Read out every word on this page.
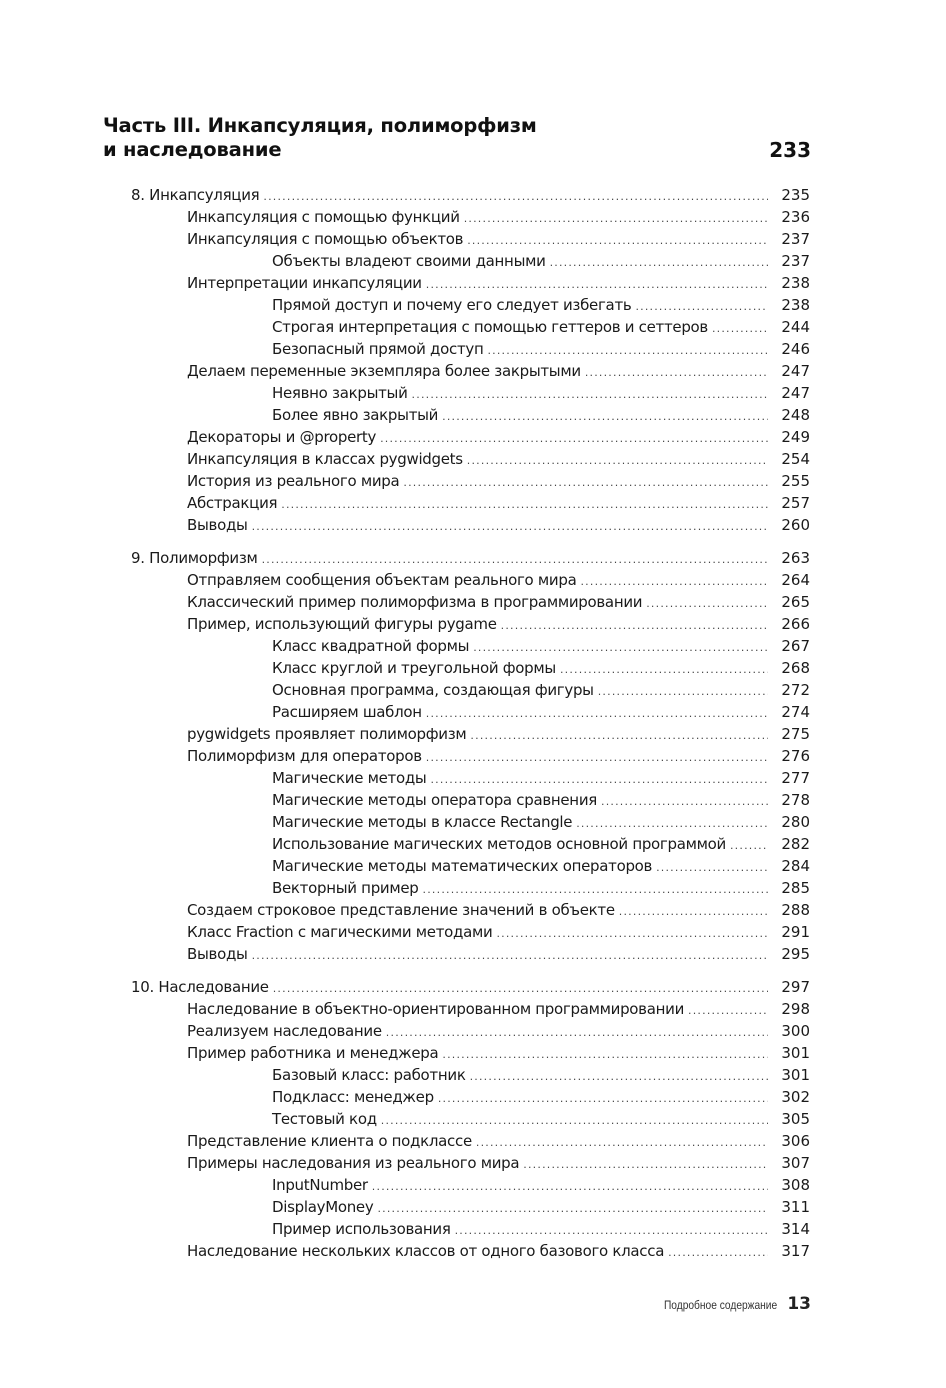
Часть III. Инкапсуляция, полиморфизм
и наследование	233
8. Инкапсуляция .....	235
Инкапсуляция с помощью функций .....	236
Инкапсуляция с помощью объектов .....	237
Объекты владеют своими данными .....	237
Интерпретации инкапсуляции .....	238
Прямой доступ и почему его следует избегать .....	238
Строгая интерпретация с помощью геттеров и сеттеров .....	244
Безопасный прямой доступ .....	246
Делаем переменные экземпляра более закрытыми .....	247
Неявно закрытый .....	247
Более явно закрытый .....	248
Декораторы и @property .....	249
Инкапсуляция в классах pygwidgets .....	254
История из реального мира .....	255
Абстракция .....	257
Выводы .....	260
9. Полиморфизм .....	263
Отправляем сообщения объектам реального мира .....	264
Классический пример полиморфизма в программировании .....	265
Пример, использующий фигуры pygame .....	266
Класс квадратной формы .....	267
Класс круглой и треугольной формы .....	268
Основная программа, создающая фигуры .....	272
Расширяем шаблон .....	274
pygwidgets проявляет полиморфизм .....	275
Полиморфизм для операторов .....	276
Магические методы .....	277
Магические методы оператора сравнения .....	278
Магические методы в классе Rectangle .....	280
Использование магических методов основной программой .....	282
Магические методы математических операторов .....	284
Векторный пример .....	285
Создаем строковое представление значений в объекте .....	288
Класс Fraction с магическими методами .....	291
Выводы .....	295
10. Наследование .....	297
Наследование в объектно-ориентированном программировании .....	298
Реализуем наследование .....	300
Пример работника и менеджера .....	301
Базовый класс: работник .....	301
Подкласс: менеджер .....	302
Тестовый код .....	305
Представление клиента о подклассе .....	306
Примеры наследования из реального мира .....	307
InputNumber .....	308
DisplayMoney .....	311
Пример использования .....	314
Наследование нескольких классов от одного базового класса .....	317
Подробное содержание 13
